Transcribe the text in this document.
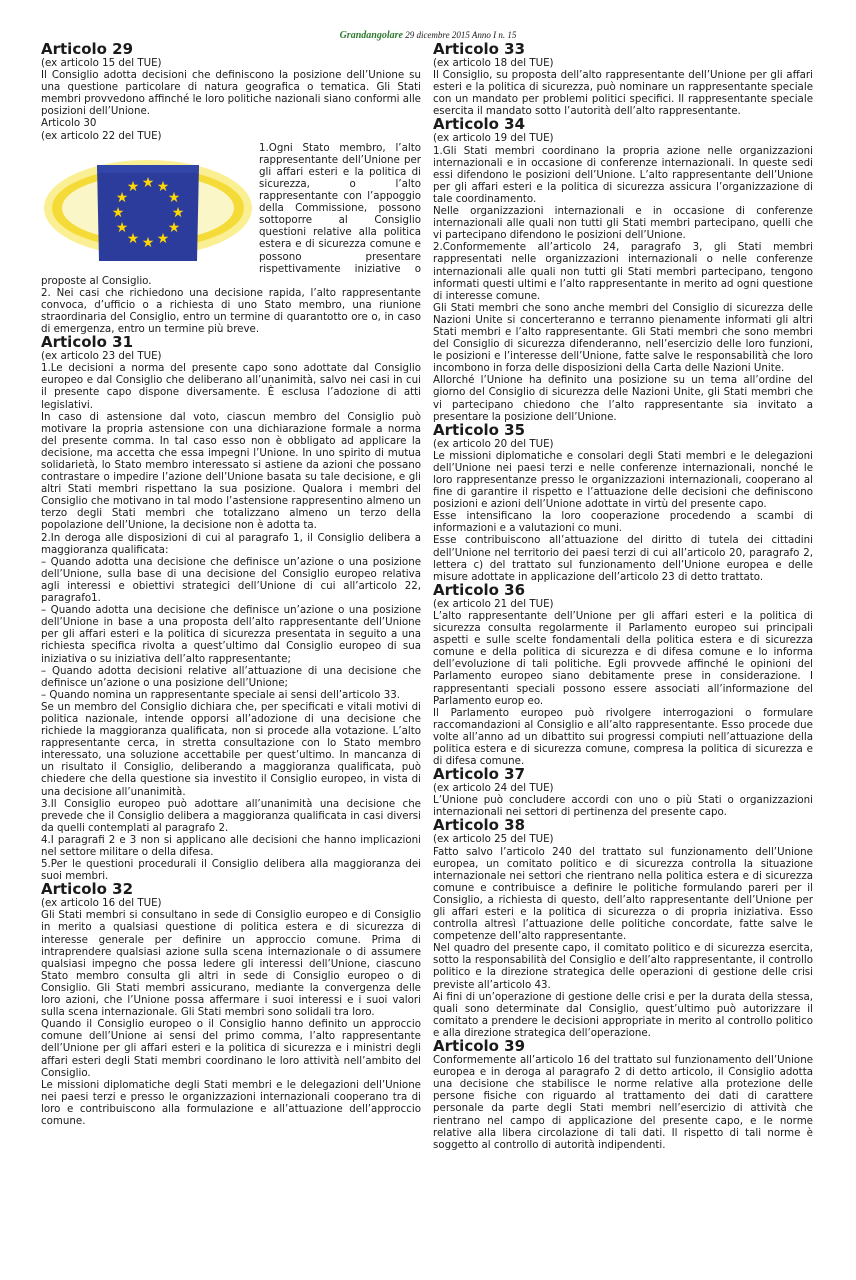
Grandangolare 29 dicembre 2015 Anno I n. 15
Articolo 29

(ex articolo 15 del TUE)

Il Consiglio adotta decisioni che definiscono la posizione dell’Unione su una questione particolare di natura geografica o tematica. Gli Stati membri provvedono affinché le loro politiche nazionali siano conformi alle posizioni dell’Unione.

Articolo 30

(ex articolo 22 del TUE)

★ ★
★
★
★
★
★
★
★
★
★
★

1.Ogni Stato membro, l’alto rappresentante dell’Unione per gli affari esteri e la politica di sicurezza, o l’alto rappresentante con l’appoggio della Commissione, possono sottoporre al Consiglio questioni relative alla politica estera e di sicurezza comune e possono presentare rispettivamente iniziative o proposte al Consiglio.

2. Nei casi che richiedono una decisione rapida, l’alto rappresentante convoca, d’ufficio o a richiesta di uno Stato membro, una riunione straordinaria del Consiglio, entro un termine di quarantotto ore o, in caso di emergenza, entro un termine più breve.

Articolo 31

(ex articolo 23 del TUE)

1.Le decisioni a norma del presente capo sono adottate dal Consiglio europeo e dal Consiglio che deliberano all’unanimità, salvo nei casi in cui il presente capo dispone diversamente. È esclusa l’adozione di atti legislativi.

In caso di astensione dal voto, ciascun membro del Consiglio può motivare la propria astensione con una dichiarazione formale a norma del presente comma. In tal caso esso non è obbligato ad applicare la decisione, ma accetta che essa impegni l’Unione. In uno spirito di mutua solidarietà, lo Stato membro interessato si astiene da azioni che possano contrastare o impedire l’azione dell’Unione basata su tale decisione, e gli altri Stati membri rispettano la sua posizione. Qualora i membri del Consiglio che motivano in tal modo l’astensione rappresentino almeno un terzo degli Stati membri che totalizzano almeno un terzo della popolazione dell’Unione, la decisione non è adotta ta.

2.In deroga alle disposizioni di cui al paragrafo 1, il Consiglio delibera a maggioranza qualificata:

– Quando adotta una decisione che definisce un’azione o una posizione dell’Unione, sulla base di una decisione del Consiglio europeo relativa agli interessi e obiettivi strategici dell’Unione di cui all’articolo 22, paragrafo1.

– Quando adotta una decisione che definisce un’azione o una posizione dell’Unione in base a una proposta dell’alto rappresentante dell’Unione per gli affari esteri e la politica di sicurezza presentata in seguito a una richiesta specifica rivolta a quest’ultimo dal Consiglio europeo di sua iniziativa o su iniziativa dell’alto rappresentante;

– Quando adotta decisioni relative all’attuazione di una decisione che definisce un’azione o una posizione dell’Unione;

– Quando nomina un rappresentante speciale ai sensi dell’articolo 33.

Se un membro del Consiglio dichiara che, per specificati e vitali motivi di politica nazionale, intende opporsi all’adozione di una decisione che richiede la maggioranza qualificata, non si procede alla votazione. L’alto rappresentante cerca, in stretta consultazione con lo Stato membro interessato, una soluzione accettabile per quest’ultimo. In mancanza di un risultato il Consiglio, deliberando a maggioranza qualificata, può chiedere che della questione sia investito il Consiglio europeo, in vista di una decisione all’unanimità.

3.Il Consiglio europeo può adottare all’unanimità una decisione che prevede che il Consiglio delibera a maggioranza qualificata in casi diversi da quelli contemplati al paragrafo 2.

4.I paragrafi 2 e 3 non si applicano alle decisioni che hanno implicazioni nel settore militare o della difesa.

5.Per le questioni procedurali il Consiglio delibera alla maggioranza dei suoi membri.

Articolo 32

(ex articolo 16 del TUE)

Gli Stati membri si consultano in sede di Consiglio europeo e di Consiglio in merito a qualsiasi questione di politica estera e di sicurezza di interesse generale per definire un approccio comune. Prima di intraprendere qualsiasi azione sulla scena internazionale o di assumere qualsiasi impegno che possa ledere gli interessi dell’Unione, ciascuno Stato membro consulta gli altri in sede di Consiglio europeo o di Consiglio. Gli Stati membri assicurano, mediante la convergenza delle loro azioni, che l’Unione possa affermare i suoi interessi e i suoi valori sulla scena internazionale. Gli Stati membri sono solidali tra loro.

Quando il Consiglio europeo o il Consiglio hanno definito un approccio comune dell’Unione ai sensi del primo comma, l’alto rappresentante dell’Unione per gli affari esteri e la politica di sicurezza e i ministri degli affari esteri degli Stati membri coordinano le loro attività nell’ambito del Consiglio.

Le missioni diplomatiche degli Stati membri e le delegazioni dell’Unione nei paesi terzi e presso le organizzazioni internazionali cooperano tra di loro e contribuiscono alla formulazione e all’attuazione dell’approccio comune.

Articolo 33

(ex articolo 18 del TUE)

Il Consiglio, su proposta dell’alto rappresentante dell’Unione per gli affari esteri e la politica di sicurezza, può nominare un rappresentante speciale con un mandato per problemi politici specifici. Il rappresentante speciale esercita il mandato sotto l’autorità dell’alto rappresentante.

Articolo 34

(ex articolo 19 del TUE)

1.Gli Stati membri coordinano la propria azione nelle organizzazioni internazionali e in occasione di conferenze internazionali. In queste sedi essi difendono le posizioni dell’Unione. L’alto rappresentante dell’Unione per gli affari esteri e la politica di sicurezza assicura l’organizzazione di tale coordinamento.

Nelle organizzazioni internazionali e in occasione di conferenze internazionali alle quali non tutti gli Stati membri partecipano, quelli che vi partecipano difendono le posizioni dell’Unione.

2.Conformemente all’articolo 24, paragrafo 3, gli Stati membri rappresentati nelle organizzazioni internazionali o nelle conferenze internazionali alle quali non tutti gli Stati membri partecipano, tengono informati questi ultimi e l’alto rappresentante in merito ad ogni questione di interesse comune.

Gli Stati membri che sono anche membri del Consiglio di sicurezza delle Nazioni Unite si concerteranno e terranno pienamente informati gli altri Stati membri e l’alto rappresentante. Gli Stati membri che sono membri del Consiglio di sicurezza difenderanno, nell’esercizio delle loro funzioni, le posizioni e l’interesse dell’Unione, fatte salve le responsabilità che loro incombono in forza delle disposizioni della Carta delle Nazioni Unite.

Allorché l’Unione ha definito una posizione su un tema all’ordine del giorno del Consiglio di sicurezza delle Nazioni Unite, gli Stati membri che vi partecipano chiedono che l’alto rappresentante sia invitato a presentare la posizione dell’Unione.

Articolo 35

(ex articolo 20 del TUE)

Le missioni diplomatiche e consolari degli Stati membri e le delegazioni dell’Unione nei paesi terzi e nelle conferenze internazionali, nonché le loro rappresentanze presso le organizzazioni internazionali, cooperano al fine di garantire il rispetto e l’attuazione delle decisioni che definiscono posizioni e azioni dell’Unione adottate in virtù del presente capo.

Esse intensificano la loro cooperazione procedendo a scambi di informazioni e a valutazioni co muni.

Esse contribuiscono all’attuazione del diritto di tutela dei cittadini dell’Unione nel territorio dei paesi terzi di cui all’articolo 20, paragrafo 2, lettera c) del trattato sul funzionamento dell’Unione europea e delle misure adottate in applicazione dell’articolo 23 di detto trattato.

Articolo 36

(ex articolo 21 del TUE)

L’alto rappresentante dell’Unione per gli affari esteri e la politica di sicurezza consulta regolarmente il Parlamento europeo sui principali aspetti e sulle scelte fondamentali della politica estera e di sicurezza comune e della politica di sicurezza e di difesa comune e lo informa dell’evoluzione di tali politiche. Egli provvede affinché le opinioni del Parlamento europeo siano debitamente prese in considerazione. I rappresentanti speciali possono essere associati all’informazione del Parlamento europ eo.

Il Parlamento europeo può rivolgere interrogazioni o formulare raccomandazioni al Consiglio e all’alto rappresentante. Esso procede due volte all’anno ad un dibattito sui progressi compiuti nell’attuazione della politica estera e di sicurezza comune, compresa la politica di sicurezza e di difesa comune.

Articolo 37

(ex articolo 24 del TUE)

L’Unione può concludere accordi con uno o più Stati o organizzazioni internazionali nei settori di pertinenza del presente capo.

Articolo 38

(ex articolo 25 del TUE)

Fatto salvo l’articolo 240 del trattato sul funzionamento dell’Unione europea, un comitato politico e di sicurezza controlla la situazione internazionale nei settori che rientrano nella politica estera e di sicurezza comune e contribuisce a definire le politiche formulando pareri per il Consiglio, a richiesta di questo, dell’alto rappresentante dell’Unione per gli affari esteri e la politica di sicurezza o di propria iniziativa. Esso controlla altresì l’attuazione delle politiche concordate, fatte salve le competenze dell’alto rappresentante.

Nel quadro del presente capo, il comitato politico e di sicurezza esercita, sotto la responsabilità del Consiglio e dell’alto rappresentante, il controllo politico e la direzione strategica delle operazioni di gestione delle crisi previste all’articolo 43.

Ai fini di un’operazione di gestione delle crisi e per la durata della stessa, quali sono determinate dal Consiglio, quest’ultimo può autorizzare il comitato a prendere le decisioni appropriate in merito al controllo politico e alla direzione strategica dell’operazione.

Articolo 39

Conformemente all’articolo 16 del trattato sul funzionamento dell’Unione europea e in deroga al paragrafo 2 di detto articolo, il Consiglio adotta una decisione che stabilisce le norme relative alla protezione delle persone fisiche con riguardo al trattamento dei dati di carattere personale da parte degli Stati membri nell’esercizio di attività che rientrano nel campo di applicazione del presente capo, e le norme relative alla libera circolazione di tali dati. Il rispetto di tali norme è soggetto al controllo di autorità indipendenti.
